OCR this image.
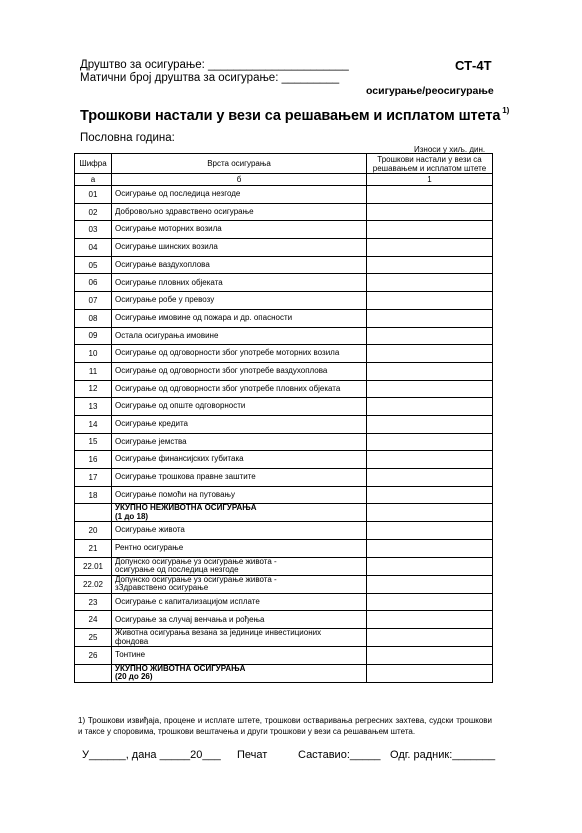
Друштво за осигурање: ______________________
Матични број друштва за осигурање: _________
СТ-4Т
осигурање/реосигурање
Трошкови настали у вези са решавањем и исплатом штета $^{1)}$
Пословна година:
Износи у хиљ. дин.
Шифра	Врста осигурања	Трошкови настали у вези са решавањем и исплатом штете
а	б	1
01	Осигурање од последица незгоде	

02	Добровољно здравствено осигурање	

03	Осигурање моторних возила	

04	Осигурање шинских возила	

05	Осигурање ваздухоплова	

06	Осигурање пловних објеката	

07	Осигурање робе у превозу	

08	Осигурање имовине од пожара и др. опасности	

09	Остала осигурања имовине	

10	Осигурање од одговорности због употребе моторних возила	

11	Осигурање од одговорности због употребе ваздухоплова	

12	Осигурање од одговорности због употребе пловних објеката	

13	Осигурање од опште одговорности	

14	Осигурање кредита	

15	Осигурање јемства	

16	Осигурање финансијских губитака	

17	Осигурање трошкова правне заштите	

18	Осигурање помоћи на путовању	

	УКУПНО НЕЖИВОТНА ОСИГУРАЊА
(1 до 18)	

20	Осигурање живота	

21	Рентно осигурање	

22.01	Допунско осигурање уз осигурање живота -
осигурање од последица незгоде	

22.02	Допунско осигурање уз осигурање живота -
зЗдравствено осигурање	

23	Осигурање с капитализацијом исплате	

24	Осигурање за случај венчања и рођења	

25	Животна осигурања везана за јединице инвестиционих
фондова	

26	Тонтине	

	УКУПНО ЖИВОТНА ОСИГУРАЊА
(20 до 26)	

1) Трошкови извиђаја, процене и исплате штете, трошкови остваривања регресних захтева, судски трошкови и таксе у споровима, трошкови вештачења и други трошкови у вези са решавањем штета.
У______, дана _____20___ Печат	Саставио:_____ Одг. радник:_______
